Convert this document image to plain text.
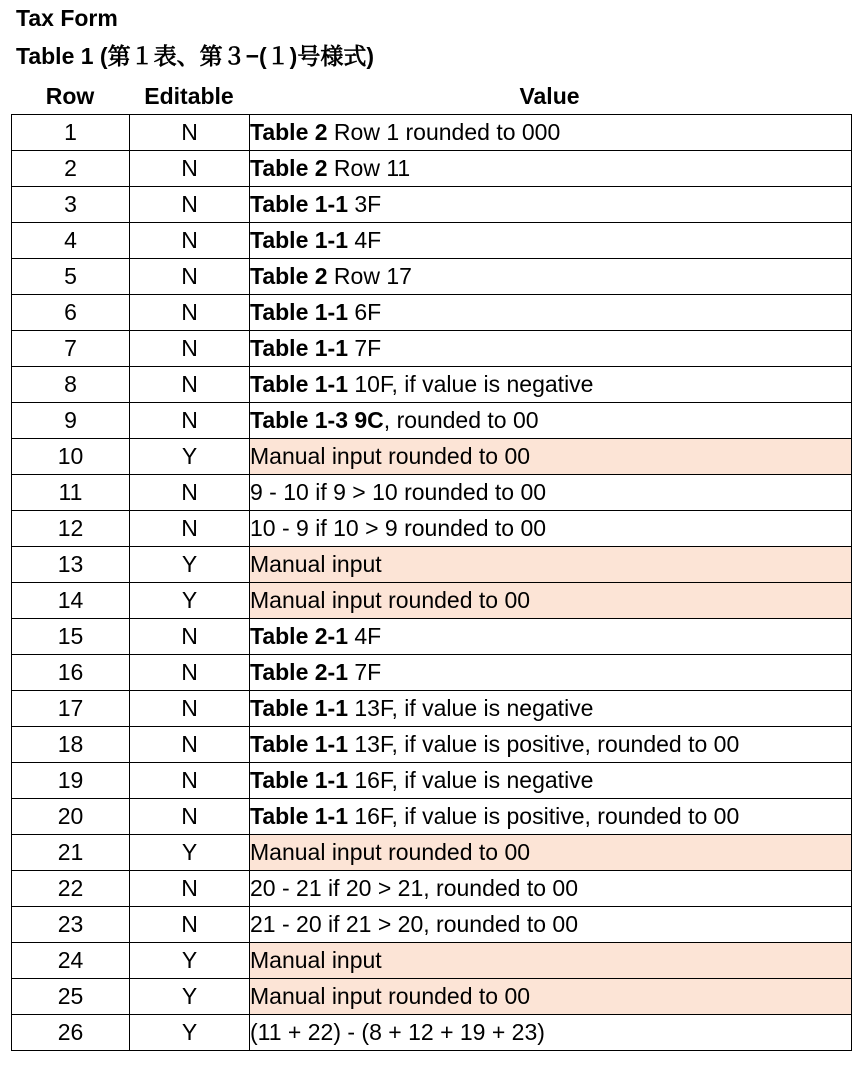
Tax Form
Table 1 (第１表、第３−(１)号様式)
Row	Editable	Value
1	N	Table 2 Row 1 rounded to 000
2	N	Table 2 Row 11
3	N	Table 1-1 3F
4	N	Table 1-1 4F
5	N	Table 2 Row 17
6	N	Table 1-1 6F
7	N	Table 1-1 7F
8	N	Table 1-1 10F, if value is negative
9	N	Table 1-3 9C, rounded to 00
10	Y	Manual input rounded to 00
11	N	9 - 10 if 9 > 10 rounded to 00
12	N	10 - 9 if 10 > 9 rounded to 00
13	Y	Manual input
14	Y	Manual input rounded to 00
15	N	Table 2-1 4F
16	N	Table 2-1 7F
17	N	Table 1-1 13F, if value is negative
18	N	Table 1-1 13F, if value is positive, rounded to 00
19	N	Table 1-1 16F, if value is negative
20	N	Table 1-1 16F, if value is positive, rounded to 00
21	Y	Manual input rounded to 00
22	N	20 - 21 if 20 > 21, rounded to 00
23	N	21 - 20 if 21 > 20, rounded to 00
24	Y	Manual input
25	Y	Manual input rounded to 00
26	Y	(11 + 22) - (8 + 12 + 19 + 23)
